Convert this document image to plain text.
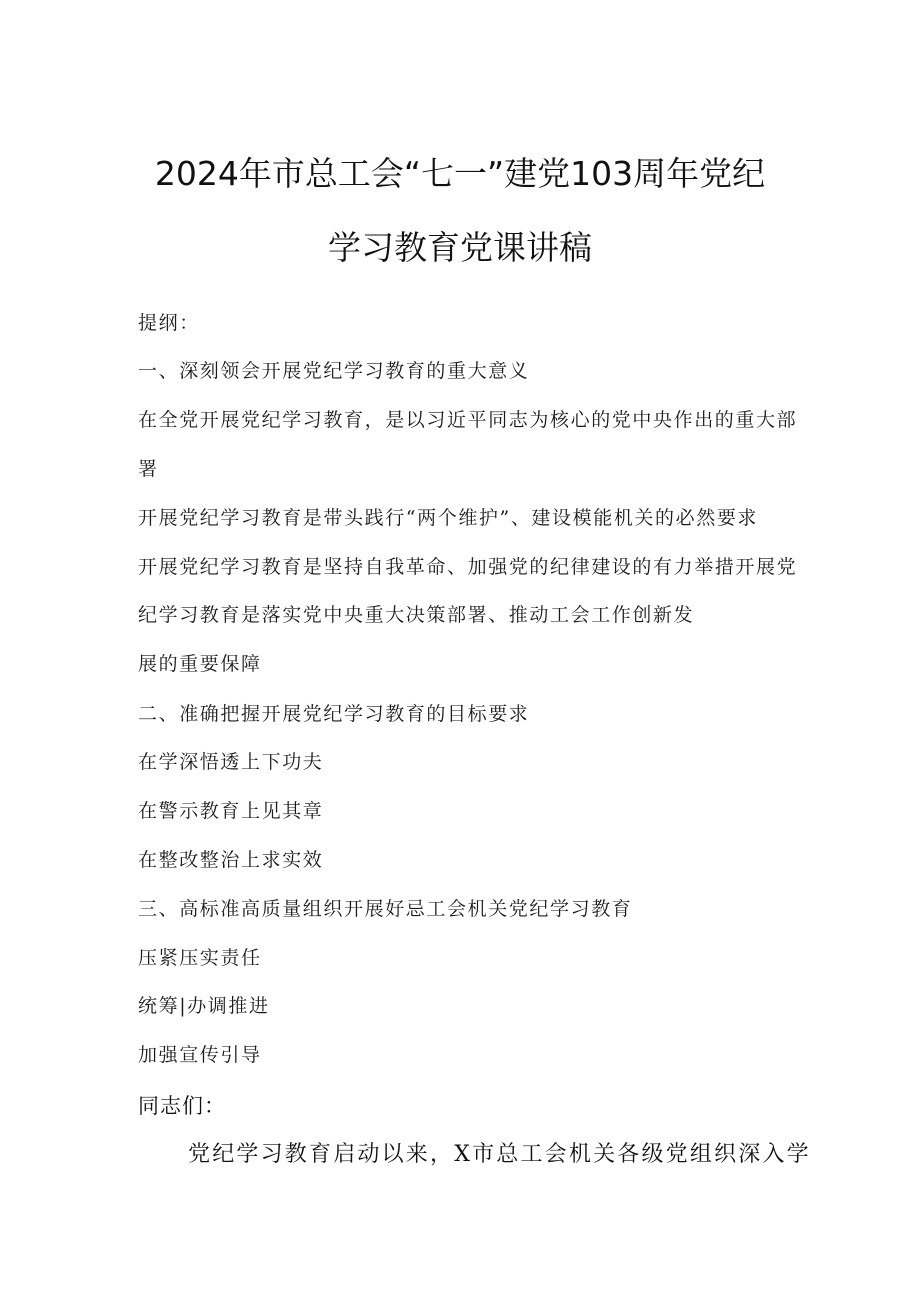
2024年市总工会“七一”建党103周年党纪
学习教育党课讲稿
提纲：
一、深刻领会开展党纪学习教育的重大意义
在全党开展党纪学习教育，是以习近平同志为核心的党中央作出的重大部
署
开展党纪学习教育是带头践行“两个维护”、建设模能机关的必然要求
开展党纪学习教育是坚持自我革命、加强党的纪律建设的有力举措开展党
纪学习教育是落实党中央重大决策部署、推动工会工作创新发
展的重要保障
二、准确把握开展党纪学习教育的目标要求
在学深悟透上下功夫
在警示教育上见其章
在整改整治上求实效
三、高标准高质量组织开展好忌工会机关党纪学习教育
压紧压实责任
统筹|办调推进
加强宣传引导
同志们：
党纪学习教育启动以来，X市总工会机关各级党组织深入学
